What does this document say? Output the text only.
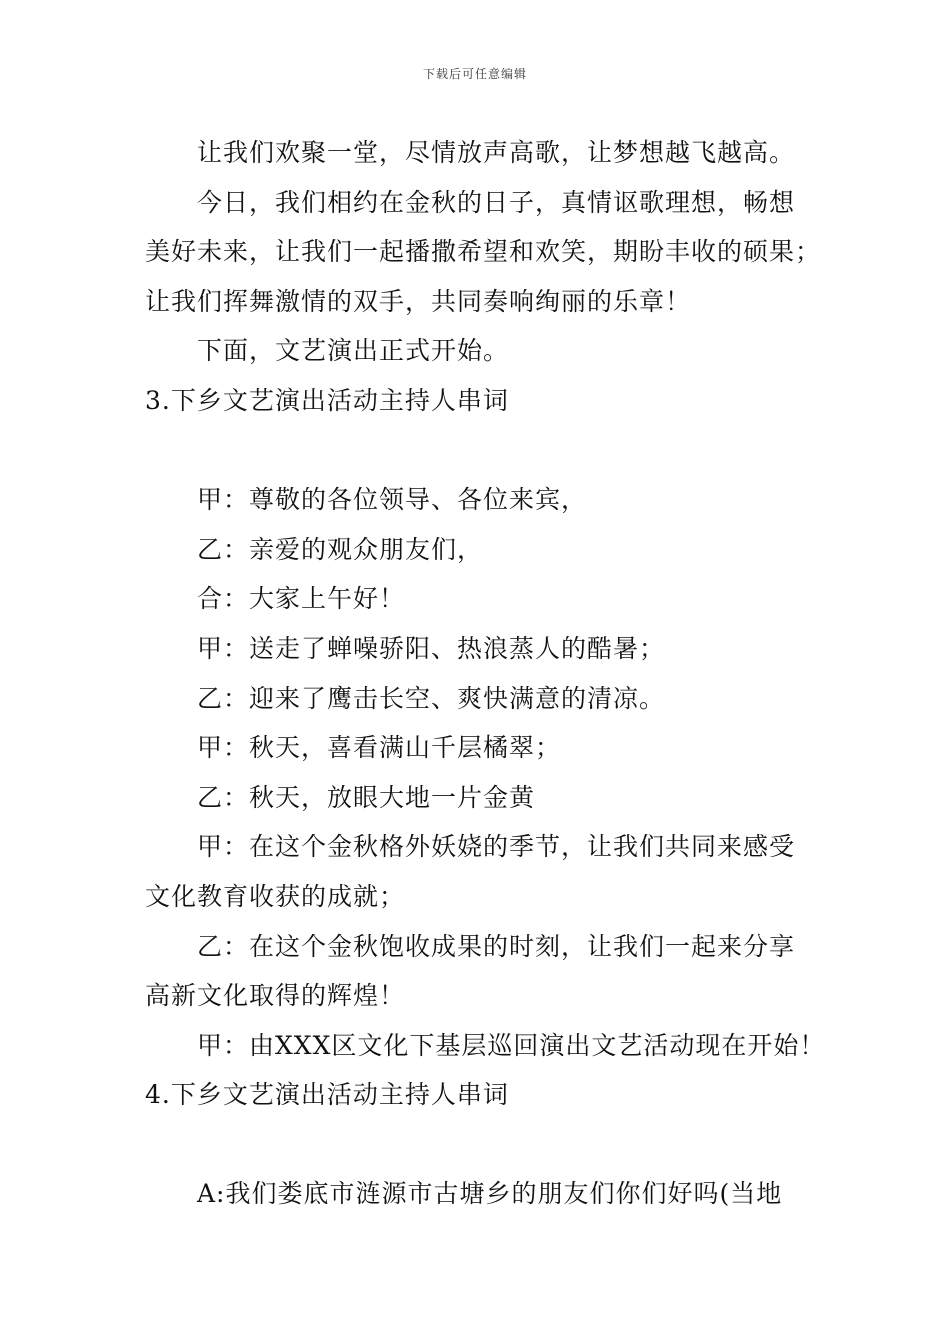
下载后可任意编辑
让我们欢聚一堂，尽情放声高歌，让梦想越飞越高。
今日，我们相约在金秋的日子，真情讴歌理想，畅想
美好未来，让我们一起播撒希望和欢笑，期盼丰收的硕果；
让我们挥舞激情的双手，共同奏响绚丽的乐章！
下面，文艺演出正式开始。
3.下乡文艺演出活动主持人串词
甲：尊敬的各位领导、各位来宾，
乙：亲爱的观众朋友们，
合：大家上午好！
甲：送走了蝉噪骄阳、热浪蒸人的酷暑；
乙：迎来了鹰击长空、爽快满意的清凉。
甲：秋天，喜看满山千层橘翠；
乙：秋天，放眼大地一片金黄
甲：在这个金秋格外妖娆的季节，让我们共同来感受
文化教育收获的成就；
乙：在这个金秋饱收成果的时刻，让我们一起来分享
高新文化取得的辉煌！
甲：由XXX区文化下基层巡回演出文艺活动现在开始！
4.下乡文艺演出活动主持人串词
A:我们娄底市涟源市古塘乡的朋友们你们好吗(当地
